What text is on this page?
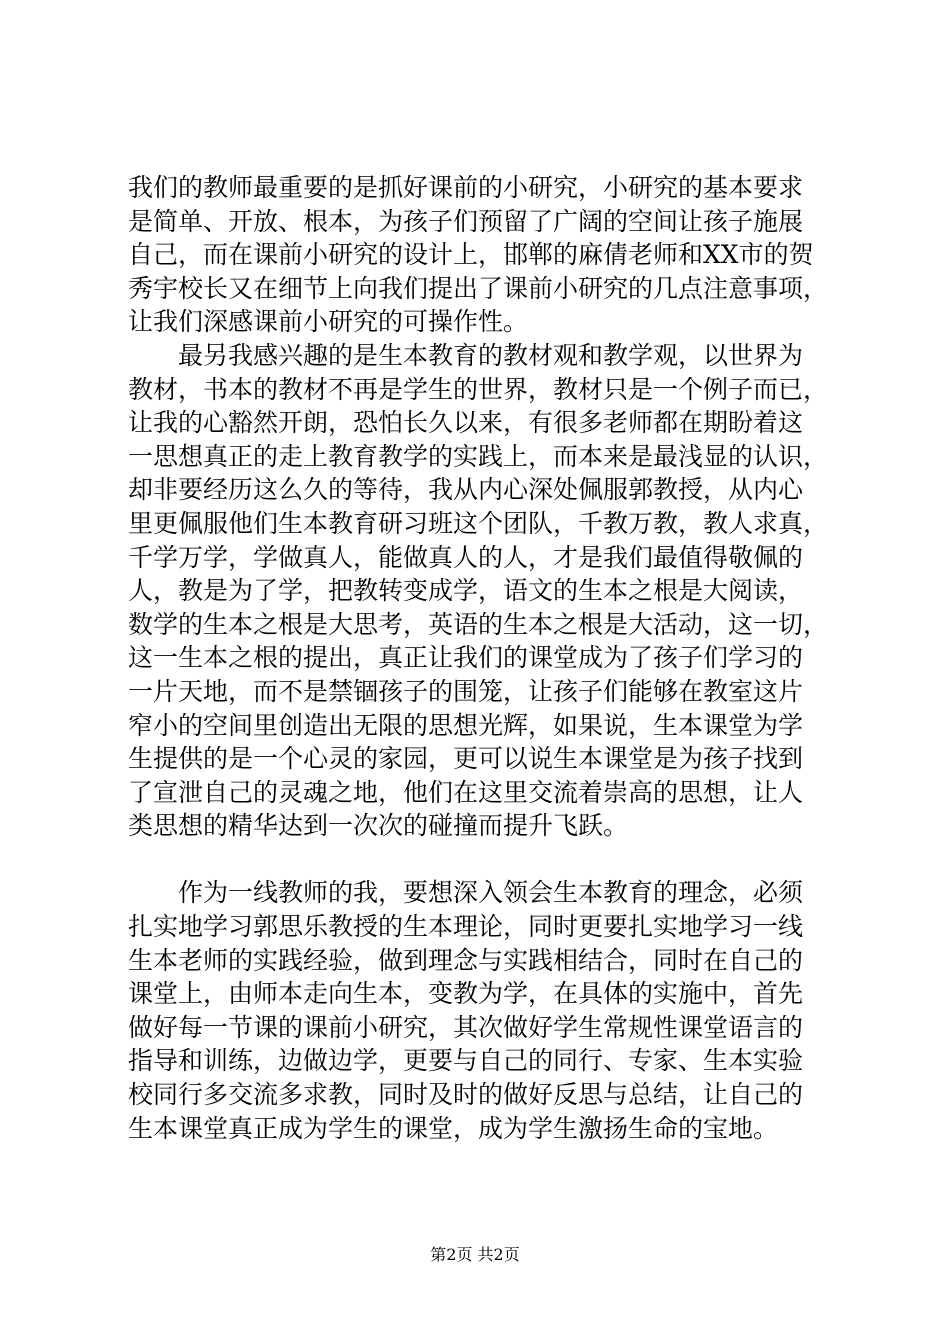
我们的教师最重要的是抓好课前的小研究，小研究的基本要求
是简单、开放、根本，为孩子们预留了广阔的空间让孩子施展
自己，而在课前小研究的设计上，邯郸的麻倩老师和XX市的贺
秀宇校长又在细节上向我们提出了课前小研究的几点注意事项，
让我们深感课前小研究的可操作性。

最另我感兴趣的是生本教育的教材观和教学观，以世界为
教材，书本的教材不再是学生的世界，教材只是一个例子而已，
让我的心豁然开朗，恐怕长久以来，有很多老师都在期盼着这
一思想真正的走上教育教学的实践上，而本来是最浅显的认识，
却非要经历这么久的等待，我从内心深处佩服郭教授，从内心
里更佩服他们生本教育研习班这个团队，千教万教，教人求真，
千学万学，学做真人，能做真人的人，才是我们最值得敬佩的
人，教是为了学，把教转变成学，语文的生本之根是大阅读，
数学的生本之根是大思考，英语的生本之根是大活动，这一切，
这一生本之根的提出，真正让我们的课堂成为了孩子们学习的
一片天地，而不是禁锢孩子的围笼，让孩子们能够在教室这片
窄小的空间里创造出无限的思想光辉，如果说，生本课堂为学
生提供的是一个心灵的家园，更可以说生本课堂是为孩子找到
了宣泄自己的灵魂之地，他们在这里交流着崇高的思想，让人
类思想的精华达到一次次的碰撞而提升飞跃。

作为一线教师的我，要想深入领会生本教育的理念，必须
扎实地学习郭思乐教授的生本理论，同时更要扎实地学习一线
生本老师的实践经验，做到理念与实践相结合，同时在自己的
课堂上，由师本走向生本，变教为学，在具体的实施中，首先
做好每一节课的课前小研究，其次做好学生常规性课堂语言的
指导和训练，边做边学，更要与自己的同行、专家、生本实验
校同行多交流多求教，同时及时的做好反思与总结，让自己的
生本课堂真正成为学生的课堂，成为学生激扬生命的宝地。

第2页 共2页
